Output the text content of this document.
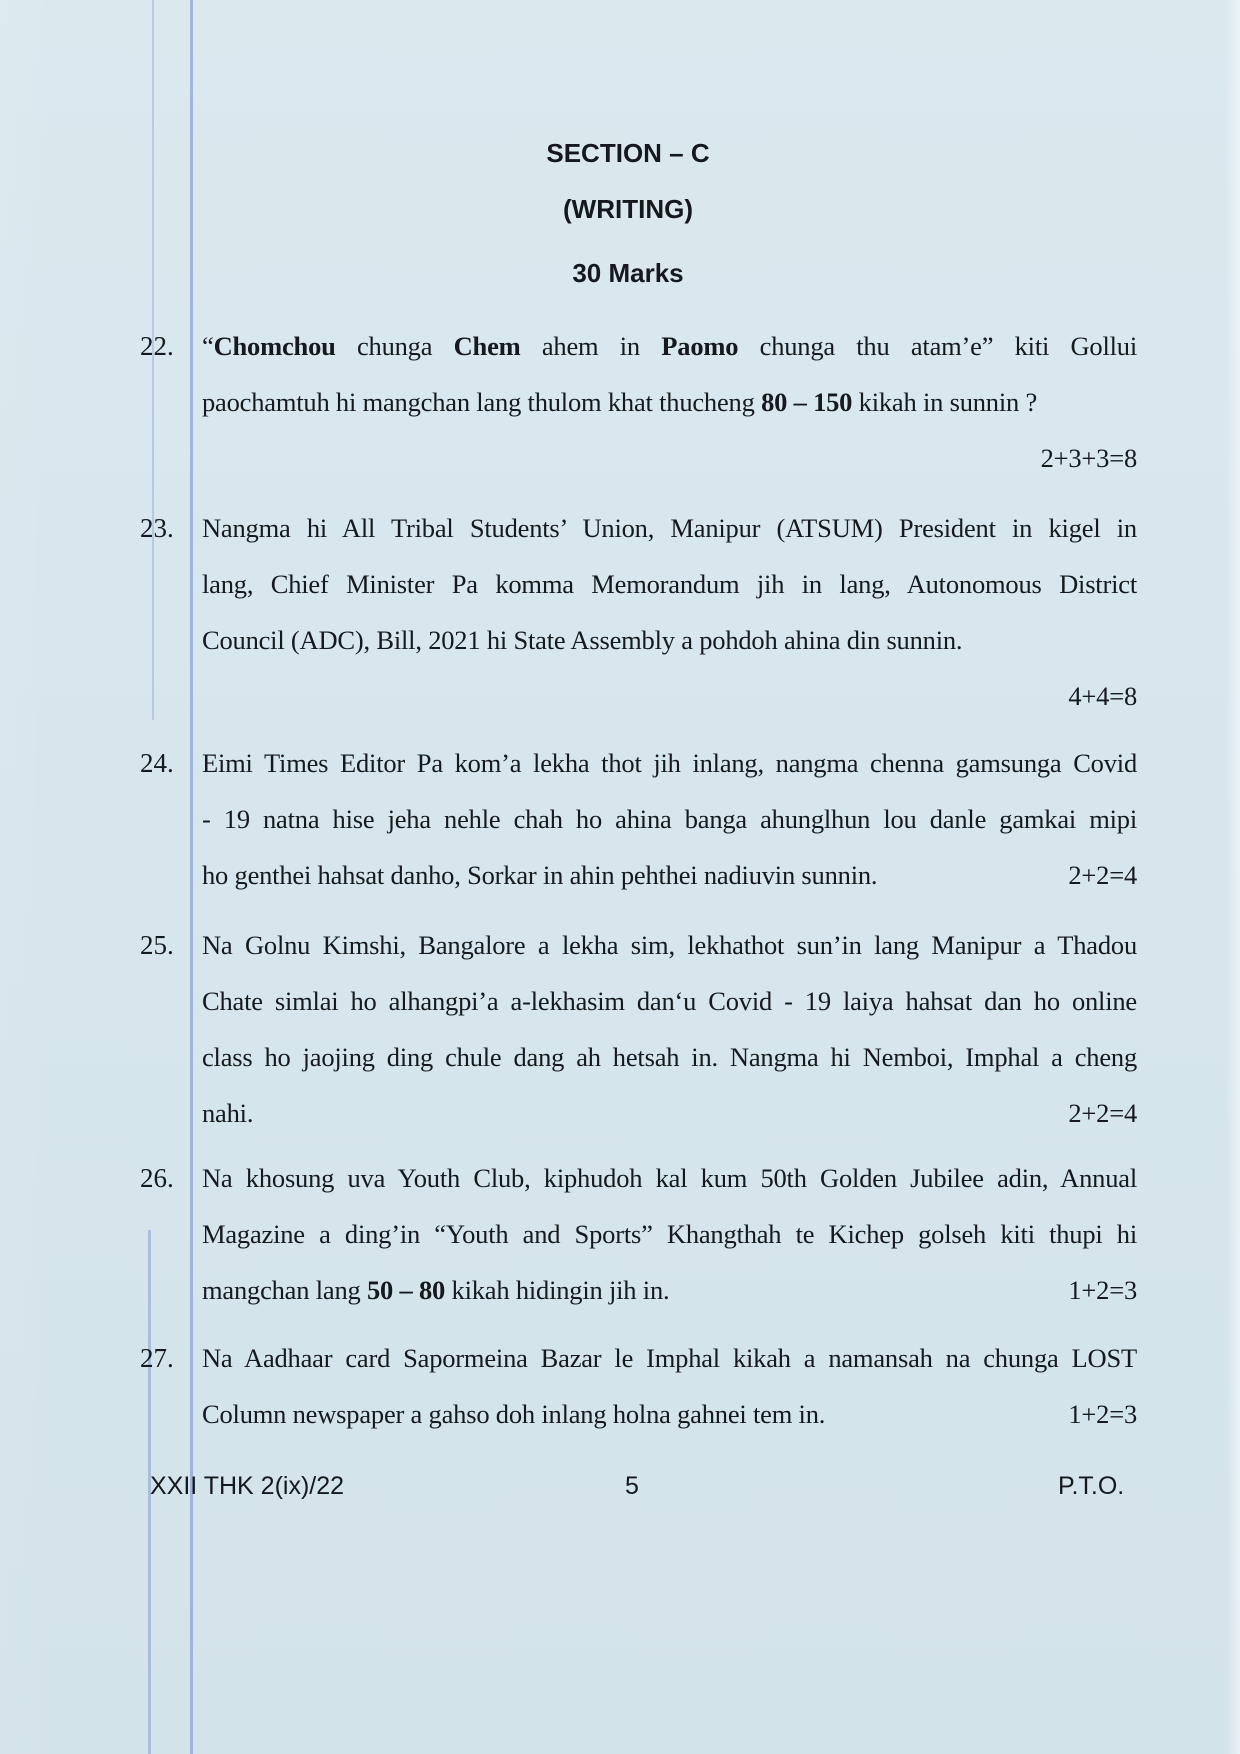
SECTION – C
(WRITING)
30 Marks
22. “Chomchou chunga Chem ahem in Paomo chunga thu atam’e” kiti Gollui
paochamtuh hi mangchan lang thulom khat thucheng 80 – 150 kikah in sunnin ?
2+3+3=8
23. Nangma hi All Tribal Students’ Union, Manipur (ATSUM) President in kigel in
lang, Chief Minister Pa komma Memorandum jih in lang, Autonomous District
Council (ADC), Bill, 2021 hi State Assembly a pohdoh ahina din sunnin.
4+4=8
24. Eimi Times Editor Pa kom’a lekha thot jih inlang, nangma chenna gamsunga Covid
- 19 natna hise jeha nehle chah ho ahina banga ahunglhun lou danle gamkai mipi
ho genthei hahsat danho, Sorkar in ahin pehthei nadiuvin sunnin.	2+2=4
25. Na Golnu Kimshi, Bangalore a lekha sim, lekhathot sun’in lang Manipur a Thadou
Chate simlai ho alhangpi’a a-lekhasim dan‘u Covid - 19 laiya hahsat dan ho online
class ho jaojing ding chule dang ah hetsah in. Nangma hi Nemboi, Imphal a cheng
nahi.	2+2=4
26. Na khosung uva Youth Club, kiphudoh kal kum 50th Golden Jubilee adin, Annual
Magazine a ding’in “Youth and Sports” Khangthah te Kichep golseh kiti thupi hi
mangchan lang 50 – 80 kikah hidingin jih in.	1+2=3
27. Na Aadhaar card Sapormeina Bazar le Imphal kikah a namansah na chunga LOST
Column newspaper a gahso doh inlang holna gahnei tem in.	1+2=3
XXII THK 2(ix)/22	5	P.T.O.
